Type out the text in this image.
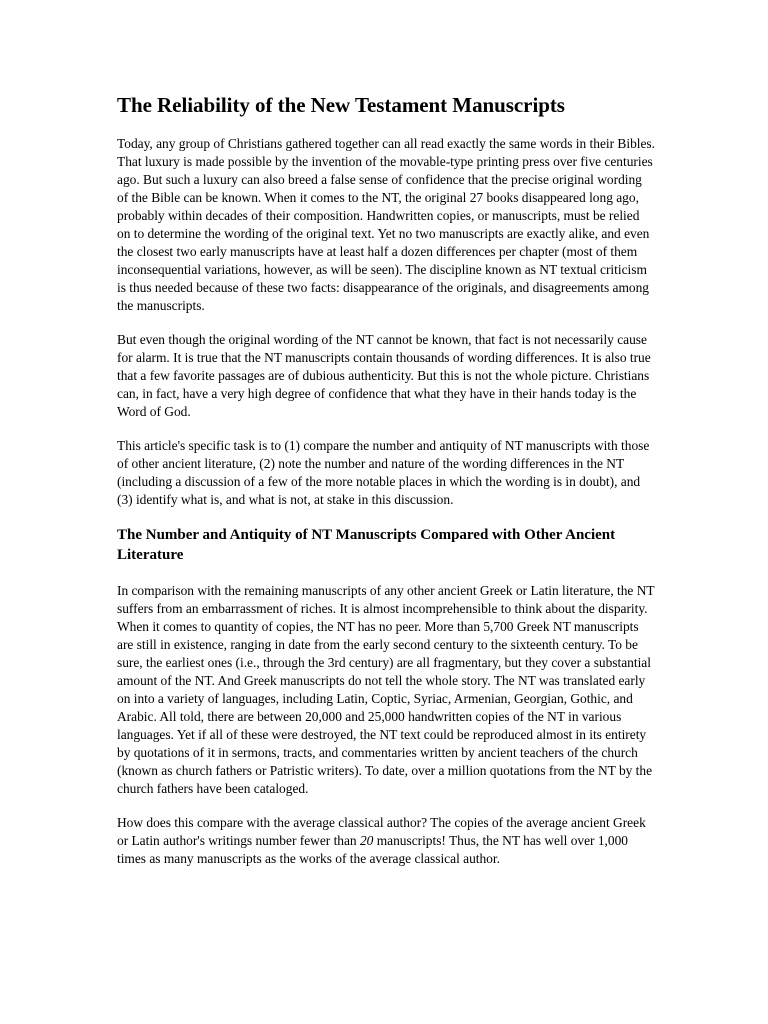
The Reliability of the New Testament Manuscripts

Today, any group of Christians gathered together can all read exactly the same words in their Bibles. That luxury is made possible by the invention of the movable-type printing press over five centuries ago. But such a luxury can also breed a false sense of confidence that the precise original wording of the Bible can be known. When it comes to the NT, the original 27 books disappeared long ago, probably within decades of their composition. Handwritten copies, or manuscripts, must be relied on to determine the wording of the original text. Yet no two manuscripts are exactly alike, and even the closest two early manuscripts have at least half a dozen differences per chapter (most of them inconsequential variations, however, as will be seen). The discipline known as NT textual criticism is thus needed because of these two facts: disappearance of the originals, and disagreements among the manuscripts.

But even though the original wording of the NT cannot be known, that fact is not necessarily cause for alarm. It is true that the NT manuscripts contain thousands of wording differences. It is also true that a few favorite passages are of dubious authenticity. But this is not the whole picture. Christians can, in fact, have a very high degree of confidence that what they have in their hands today is the Word of God.

This article's specific task is to (1) compare the number and antiquity of NT manuscripts with those of other ancient literature, (2) note the number and nature of the wording differences in the NT (including a discussion of a few of the more notable places in which the wording is in doubt), and (3) identify what is, and what is not, at stake in this discussion.

The Number and Antiquity of NT Manuscripts Compared with Other Ancient Literature

In comparison with the remaining manuscripts of any other ancient Greek or Latin literature, the NT suffers from an embarrassment of riches. It is almost incomprehensible to think about the disparity. When it comes to quantity of copies, the NT has no peer. More than 5,700 Greek NT manuscripts are still in existence, ranging in date from the early second century to the sixteenth century. To be sure, the earliest ones (i.e., through the 3rd century) are all fragmentary, but they cover a substantial amount of the NT. And Greek manuscripts do not tell the whole story. The NT was translated early on into a variety of languages, including Latin, Coptic, Syriac, Armenian, Georgian, Gothic, and Arabic. All told, there are between 20,000 and 25,000 handwritten copies of the NT in various languages. Yet if all of these were destroyed, the NT text could be reproduced almost in its entirety by quotations of it in sermons, tracts, and commentaries written by ancient teachers of the church (known as church fathers or Patristic writers). To date, over a million quotations from the NT by the church fathers have been cataloged.

How does this compare with the average classical author? The copies of the average ancient Greek or Latin author's writings number fewer than 20 manuscripts! Thus, the NT has well over 1,000 times as many manuscripts as the works of the average classical author.
